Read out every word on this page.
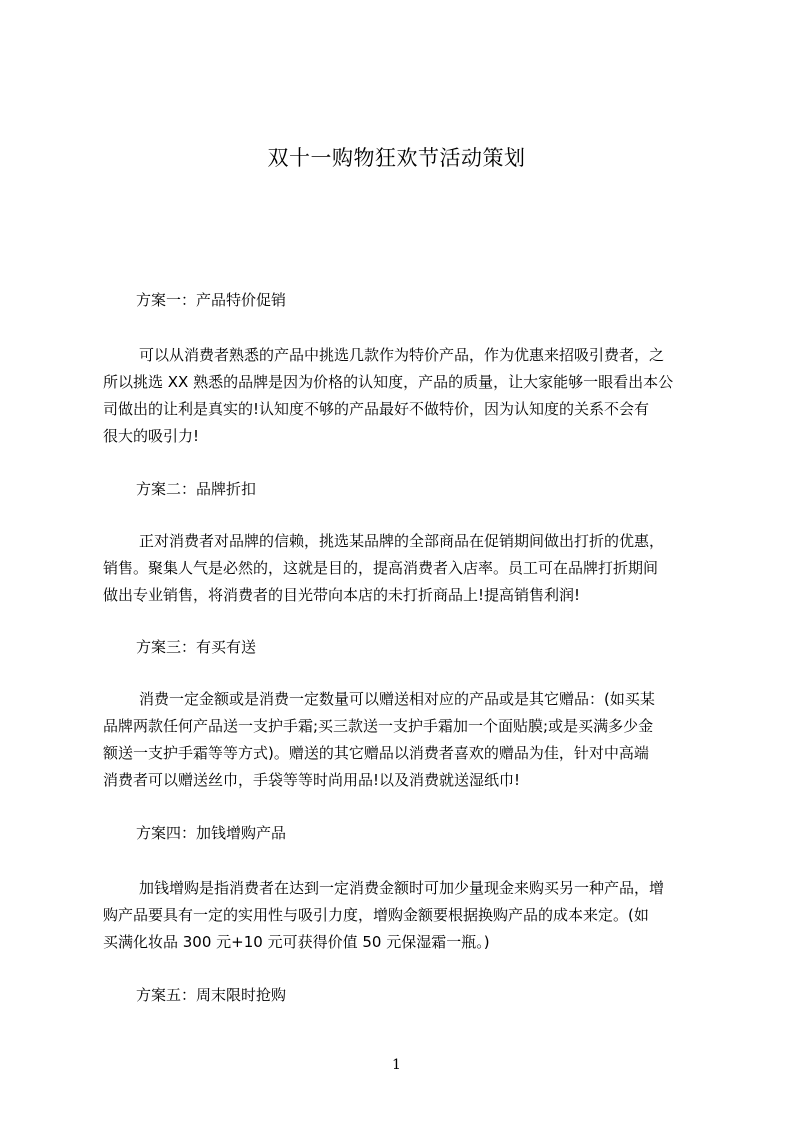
双十一购物狂欢节活动策划
方案一：产品特价促销
可以从消费者熟悉的产品中挑选几款作为特价产品，作为优惠来招吸引费者，之
所以挑选 XX 熟悉的品牌是因为价格的认知度，产品的质量，让大家能够一眼看出本公
司做出的让利是真实的!认知度不够的产品最好不做特价，因为认知度的关系不会有
很大的吸引力!
方案二：品牌折扣
正对消费者对品牌的信赖，挑选某品牌的全部商品在促销期间做出打折的优惠，
销售。聚集人气是必然的，这就是目的，提高消费者入店率。员工可在品牌打折期间
做出专业销售，将消费者的目光带向本店的未打折商品上!提高销售利润!
方案三：有买有送
消费一定金额或是消费一定数量可以赠送相对应的产品或是其它赠品：(如买某
品牌两款任何产品送一支护手霜;买三款送一支护手霜加一个面贴膜;或是买满多少金
额送一支护手霜等等方式)。赠送的其它赠品以消费者喜欢的赠品为佳，针对中高端
消费者可以赠送丝巾，手袋等等时尚用品!以及消费就送湿纸巾!
方案四：加钱增购产品
加钱增购是指消费者在达到一定消费金额时可加少量现金来购买另一种产品，增
购产品要具有一定的实用性与吸引力度，增购金额要根据换购产品的成本来定。(如
买满化妆品 300 元+10 元可获得价值 50 元保湿霜一瓶。)
方案五：周末限时抢购
1
